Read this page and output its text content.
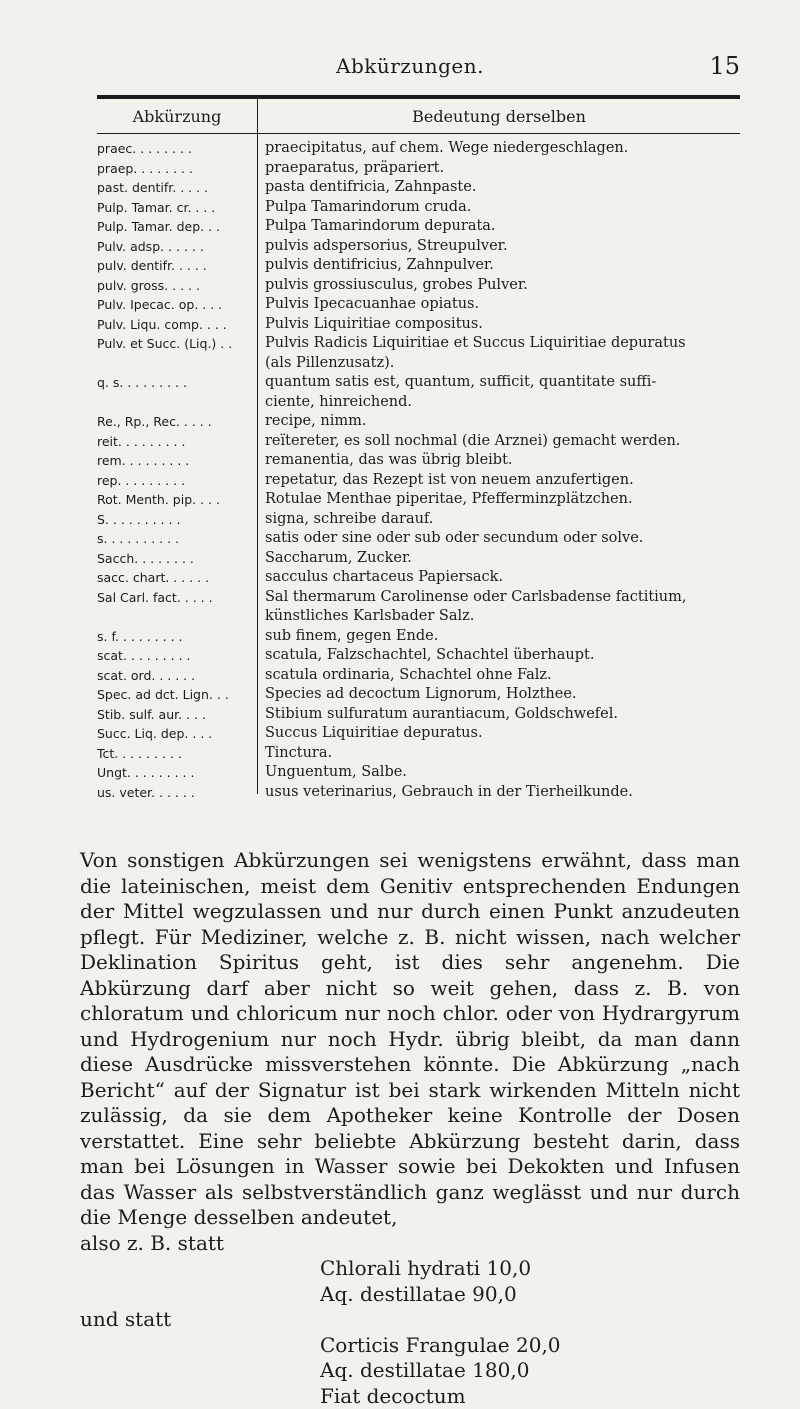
Abkürzungen.	15
Abkürzung	Bedeutung derselben
praec. . . . . . . .	praecipitatus, auf chem. Wege niedergeschlagen.
praep. . . . . . . .	praeparatus, präpariert.
past. dentifr. . . . .	pasta dentifricia, Zahnpaste.
Pulp. Tamar. cr. . . .	Pulpa Tamarindorum cruda.
Pulp. Tamar. dep. . .	Pulpa Tamarindorum depurata.
Pulv. adsp. . . . . .	pulvis adspersorius, Streupulver.
pulv. dentifr. . . . .	pulvis dentifricius, Zahnpulver.
pulv. gross. . . . .	pulvis grossiusculus, grobes Pulver.
Pulv. Ipecac. op. . . .	Pulvis Ipecacuanhae opiatus.
Pulv. Liqu. comp. . . .	Pulvis Liquiritiae compositus.
Pulv. et Succ. (Liq.) . .	Pulvis Radicis Liquiritiae et Succus Liquiritiae depuratus
(als Pillenzusatz).
q. s. . . . . . . . .	quantum satis est, quantum, sufficit, quantitate suffi-
ciente, hinreichend.
Re., Rp., Rec. . . . .	recipe, nimm.
reit. . . . . . . . .	reïtereter, es soll nochmal (die Arznei) gemacht werden.
rem. . . . . . . . .	remanentia, das was übrig bleibt.
rep. . . . . . . . .	repetatur, das Rezept ist von neuem anzufertigen.
Rot. Menth. pip. . . .	Rotulae Menthae piperitae, Pfefferminzplätzchen.
S. . . . . . . . . .	signa, schreibe darauf.
s. . . . . . . . . .	satis oder sine oder sub oder secundum oder solve.
Sacch. . . . . . . .	Saccharum, Zucker.
sacc. chart. . . . . .	sacculus chartaceus Papiersack.
Sal Carl. fact. . . . .	Sal thermarum Carolinense oder Carlsbadense factitium,
künstliches Karlsbader Salz.
s. f. . . . . . . . .	sub finem, gegen Ende.
scat. . . . . . . . .	scatula, Falzschachtel, Schachtel überhaupt.
scat. ord. . . . . .	scatula ordinaria, Schachtel ohne Falz.
Spec. ad dct. Lign. . .	Species ad decoctum Lignorum, Holzthee.
Stib. sulf. aur. . . .	Stibium sulfuratum aurantiacum, Goldschwefel.
Succ. Liq. dep. . . .	Succus Liquiritiae depuratus.
Tct. . . . . . . . .	Tinctura.
Ungt. . . . . . . . .	Unguentum, Salbe.
us. veter. . . . . .	usus veterinarius, Gebrauch in der Tierheilkunde.

Von sonstigen Abkürzungen sei wenigstens erwähnt, dass man die lateinischen, meist dem Genitiv entsprechenden Endungen der Mittel wegzulassen und nur durch einen Punkt anzudeuten pflegt. Für Mediziner, welche z. B. nicht wissen, nach welcher Deklination Spiritus geht, ist dies sehr angenehm. Die Abkürzung darf aber nicht so weit gehen, dass z. B. von chloratum und chloricum nur noch chlor. oder von Hydrargyrum und Hydrogenium nur noch Hydr. übrig bleibt, da man dann diese Ausdrücke missverstehen könnte. Die Abkürzung „nach Bericht“ auf der Signatur ist bei stark wirkenden Mitteln nicht zulässig, da sie dem Apotheker keine Kontrolle der Dosen verstattet. Eine sehr beliebte Abkürzung besteht darin, dass man bei Lösungen in Wasser sowie bei Dekokten und Infusen das Wasser als selbstverständlich ganz weglässt und nur durch die Menge desselben andeutet,

also z. B. statt
Chlorali hydrati 10,0
Aq. destillatae 90,0
und statt
Corticis Frangulae 20,0
Aq. destillatae 180,0
Fiat decoctum
